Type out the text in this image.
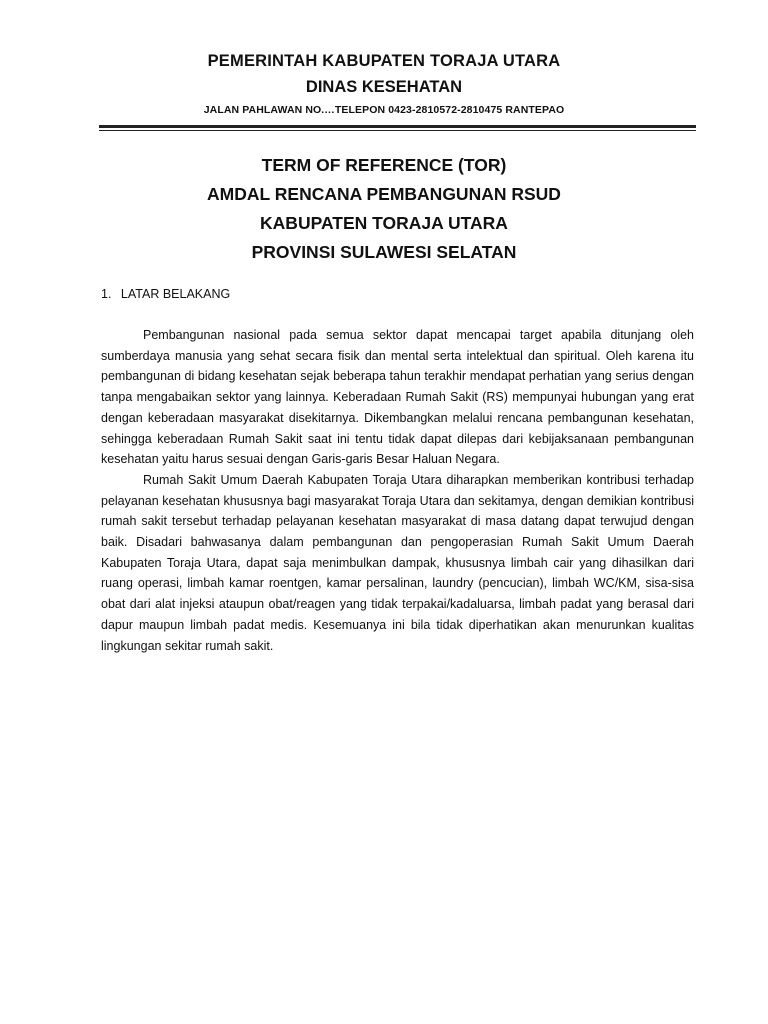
PEMERINTAH KABUPATEN TORAJA UTARA
DINAS KESEHATAN
JALAN PAHLAWAN NO.…TELEPON 0423-2810572-2810475 RANTEPAO
TERM OF REFERENCE (TOR)
AMDAL RENCANA PEMBANGUNAN RSUD
KABUPATEN TORAJA UTARA
PROVINSI SULAWESI SELATAN
1. LATAR BELAKANG

Pembangunan nasional pada semua sektor dapat mencapai target apabila ditunjang oleh sumberdaya manusia yang sehat secara fisik dan mental serta intelektual dan spiritual. Oleh karena itu pembangunan di bidang kesehatan sejak beberapa tahun terakhir mendapat perhatian yang serius dengan tanpa mengabaikan sektor yang lainnya. Keberadaan Rumah Sakit (RS) mempunyai hubungan yang erat dengan keberadaan masyarakat disekitarnya. Dikembangkan melalui rencana pembangunan kesehatan, sehingga keberadaan Rumah Sakit saat ini tentu tidak dapat dilepas dari kebijaksanaan pembangunan kesehatan yaitu harus sesuai dengan Garis-garis Besar Haluan Negara.

Rumah Sakit Umum Daerah Kabupaten Toraja Utara diharapkan memberikan kontribusi terhadap pelayanan kesehatan khususnya bagi masyarakat Toraja Utara dan sekitamya, dengan demikian kontribusi rumah sakit tersebut terhadap pelayanan kesehatan masyarakat di masa datang dapat terwujud dengan baik. Disadari bahwasanya dalam pembangunan dan pengoperasian Rumah Sakit Umum Daerah Kabupaten Toraja Utara, dapat saja menimbulkan dampak, khususnya limbah cair yang dihasilkan dari ruang operasi, limbah kamar roentgen, kamar persalinan, laundry (pencucian), limbah WC/KM, sisa-sisa obat dari alat injeksi ataupun obat/reagen yang tidak terpakai/kadaluarsa, limbah padat yang berasal dari dapur maupun limbah padat medis. Kesemuanya ini bila tidak diperhatikan akan menurunkan kualitas lingkungan sekitar rumah sakit.
